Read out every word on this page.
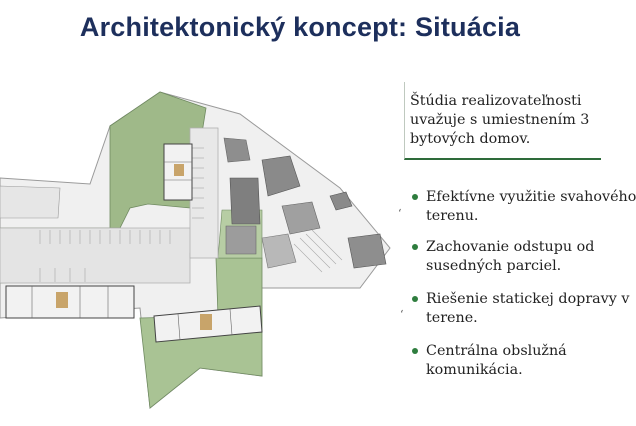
Architektonický koncept: Situácia
Štúdia realizovateľnosti uvažuje s umiestnením 3 bytových domov.
Efektívne využitie svahového
terenu.
Zachovanie odstupu od
susedných parciel.
Riešenie statickej dopravy v
terene.
Centrálna obslužná
komunikácia.
‘
‘
